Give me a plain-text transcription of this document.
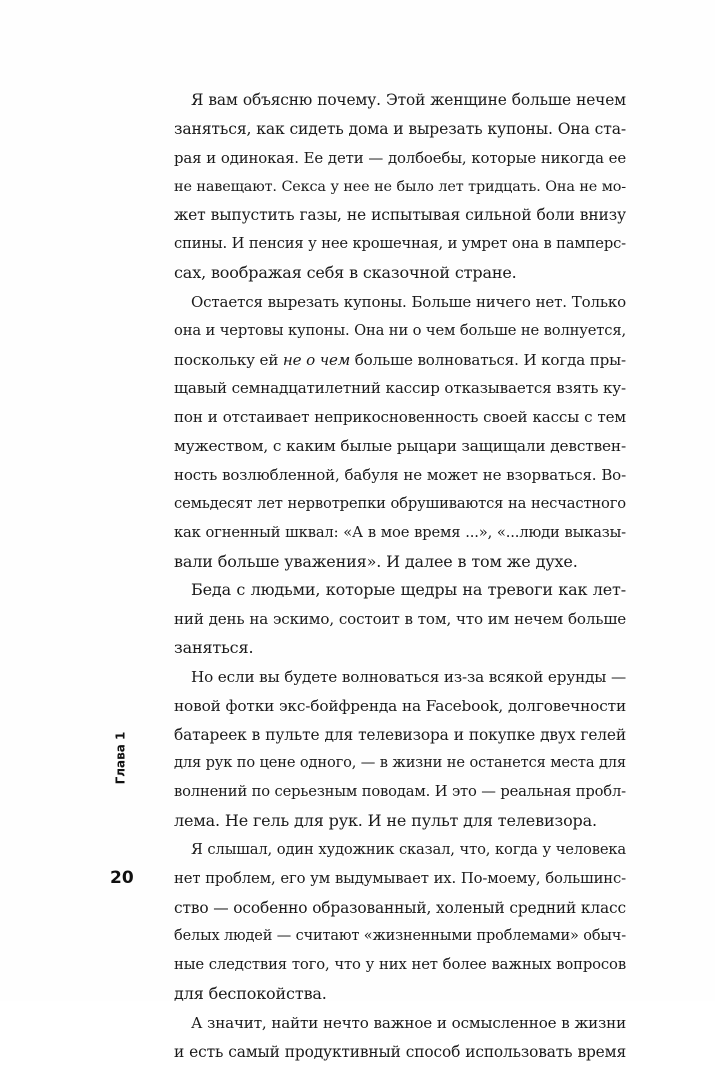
Я вам объясню почему. Этой женщине больше нечем
заняться, как сидеть дома и вырезать купоны. Она ста-
рая и одинокая. Ее дети — долбоебы, которые никогда ее
не навещают. Секса у нее не было лет тридцать. Она не мо-
жет выпустить газы, не испытывая сильной боли внизу
спины. И пенсия у нее крошечная, и умрет она в памперс-
сах, воображая себя в сказочной стране.
Остается вырезать купоны. Больше ничего нет. Только
она и чертовы купоны. Она ни о чем больше не волнуется,
поскольку ей не о чем больше волноваться. И когда пры-
щавый семнадцатилетний кассир отказывается взять ку-
пон и отстаивает неприкосновенность своей кассы с тем
мужеством, с каким былые рыцари защищали девствен-
ность возлюбленной, бабуля не может не взорваться. Во-
семьдесят лет нервотрепки обрушиваются на несчастного
как огненный шквал: «А в мое время ...», «...люди выказы-
вали больше уважения». И далее в том же духе.
Беда с людьми, которые щедры на тревоги как лет-
ний день на эскимо, состоит в том, что им нечем больше
заняться.
Но если вы будете волноваться из-за всякой ерунды —
новой фотки экс-бойфренда на Facebook, долговечности
батареек в пульте для телевизора и покупке двух гелей
для рук по цене одного, — в жизни не останется места для
волнений по серьезным поводам. И это — реальная пробл-
лема. Не гель для рук. И не пульт для телевизора.
Я слышал, один художник сказал, что, когда у человека
нет проблем, его ум выдумывает их. По-моему, большинс-
ство — особенно образованный, холеный средний класс
белых людей — считают «жизненными проблемами» обыч-
ные следствия того, что у них нет более важных вопросов
для беспокойства.
А значит, найти нечто важное и осмысленное в жизни
и есть самый продуктивный способ использовать время
Глава 1
20
